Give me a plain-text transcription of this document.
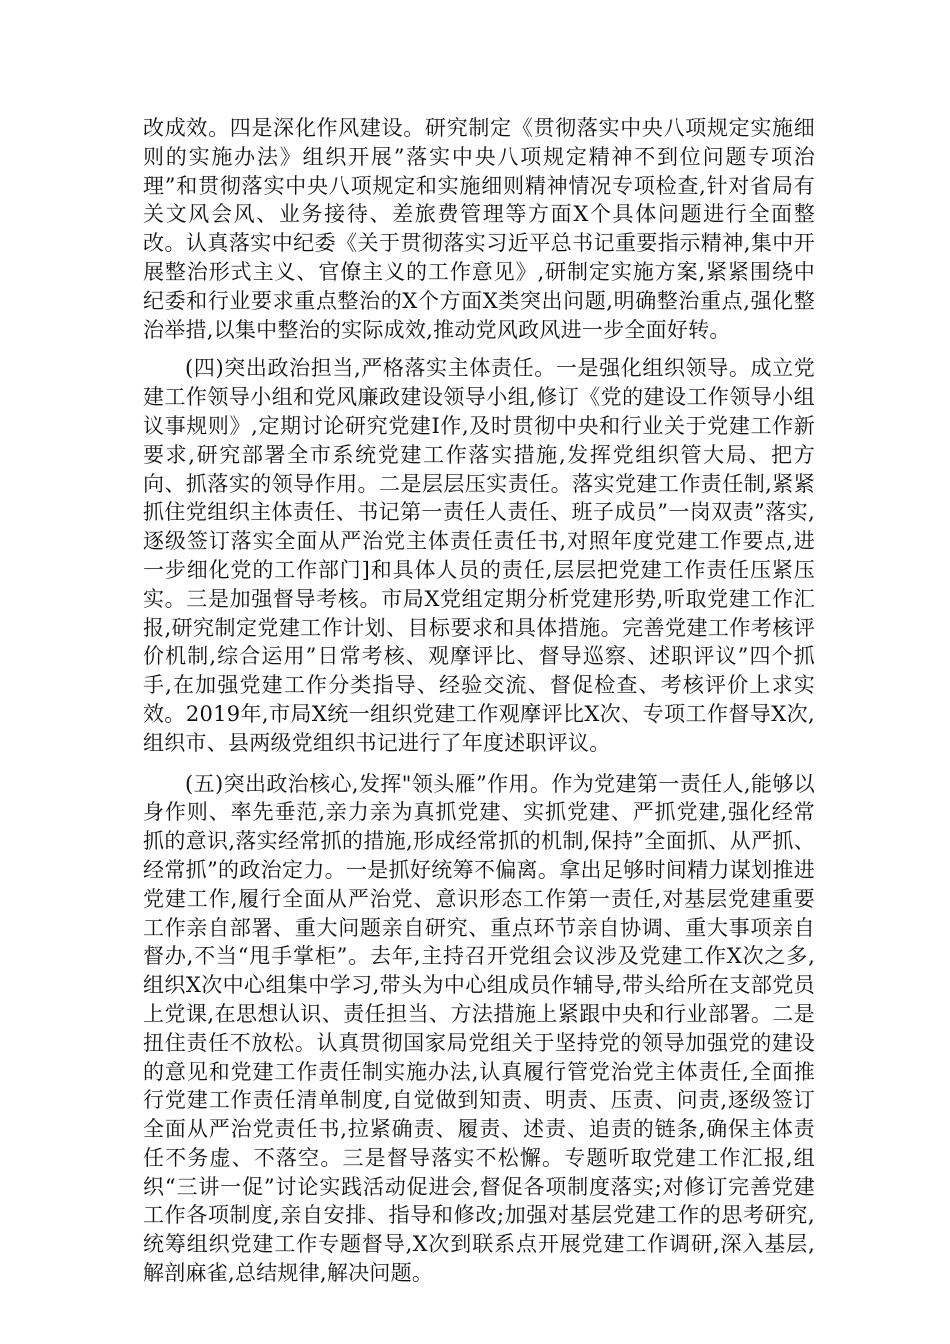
改成效。四是深化作风建设。研究制定《贯彻落实中央八项规定实施细则的实施办法》组织开展”落实中央八项规定精神不到位问题专项治理”和贯彻落实中央八项规定和实施细则精神情况专项检查,针对省局有关文风会风、业务接待、差旅费管理等方面X个具体问题进行全面整改。认真落实中纪委《关于贯彻落实习近平总书记重要指示精神,集中开展整治形式主义、官僚主义的工作意见》,研制定实施方案,紧紧围绕中纪委和行业要求重点整治的X个方面X类突出问题,明确整治重点,强化整治举措,以集中整治的实际成效,推动党风政风进一步全面好转。

(四)突出政治担当,严格落实主体责任。一是强化组织领导。成立党建工作领导小组和党风廉政建设领导小组,修订《党的建设工作领导小组议事规则》,定期讨论研究党建I作,及时贯彻中央和行业关于党建工作新要求,研究部署全市系统党建工作落实措施,发挥党组织管大局、把方向、抓落实的领导作用。二是层层压实责任。落实党建工作责任制,紧紧抓住党组织主体责任、书记第一责任人责任、班子成员”一岗双责”落实,逐级签订落实全面从严治党主体责任责任书,对照年度党建工作要点,进一步细化党的工作部门]和具体人员的责任,层层把党建工作责任压紧压实。三是加强督导考核。市局X党组定期分析党建形势,听取党建工作汇报,研究制定党建工作计划、目标要求和具体措施。完善党建工作考核评价机制,综合运用”日常考核、观摩评比、督导巡察、述职评议”四个抓手,在加强党建工作分类指导、经验交流、督促检查、考核评价上求实效。2019年,市局X统一组织党建工作观摩评比X次、专项工作督导X次,组织市、县两级党组织书记进行了年度述职评议。

(五)突出政治核心,发挥"领头雁”作用。作为党建第一责任人,能够以身作则、率先垂范,亲力亲为真抓党建、实抓党建、严抓党建,强化经常抓的意识,落实经常抓的措施,形成经常抓的机制,保持”全面抓、从严抓、经常抓”的政治定力。一是抓好统筹不偏离。拿出足够时间精力谋划推进党建工作,履行全面从严治党、意识形态工作第一责任,对基层党建重要工作亲自部署、重大问题亲自研究、重点环节亲自协调、重大事项亲自督办,不当“甩手掌柜”。去年,主持召开党组会议涉及党建工作X次之多,组织X次中心组集中学习,带头为中心组成员作辅导,带头给所在支部党员上党课,在思想认识、责任担当、方法措施上紧跟中央和行业部署。二是扭住责任不放松。认真贯彻国家局党组关于坚持党的领导加强党的建设的意见和党建工作责任制实施办法,认真履行管党治党主体责任,全面推行党建工作责任清单制度,自觉做到知责、明责、压责、问责,逐级签订全面从严治党责任书,拉紧确责、履责、述责、追责的链条,确保主体责任不务虚、不落空。三是督导落实不松懈。专题听取党建工作汇报,组织“三讲一促”讨论实践活动促进会,督促各项制度落实;对修订完善党建工作各项制度,亲自安排、指导和修改;加强对基层党建工作的思考研究,统筹组织党建工作专题督导,X次到联系点开展党建工作调研,深入基层,解剖麻雀,总结规律,解决问题。
